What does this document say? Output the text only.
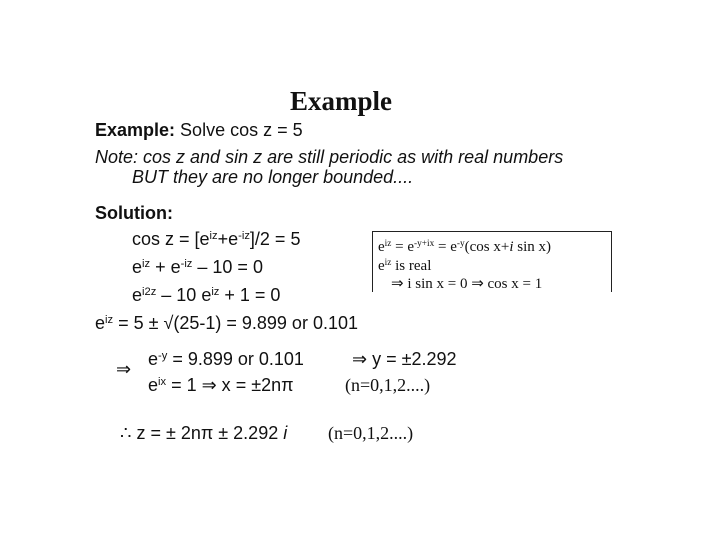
Example
Example: Solve cos z = 5
Note: cos z and sin z are still periodic as with real numbers
BUT they are no longer bounded....
Solution:
$\cos z = [e^{iz}+e^{-iz}]/2 = 5$
$e^{iz} + e^{-iz} - 10 = 0$
$e^{i2z} - 10$ $e^{iz} + 1 = 0$
$e^{iz} = e^{-y+ix} = e^{-y}(\cos$ x+i sin x)
$e^{iz}$ is real
⇒ i sin x = 0 ⇒ cos x = 1
$e^{iz} = 5 \pm √(25-1) = 9.899$ or 0.101
⇒ $e^{-y} = 9.899$ or 0.101	⇒ y = ±2.292
$e^{ix} = 1$ ⇒ x = ±2nπ	(n=0,1,2....)
∴ z = ± 2nπ ± 2.292 i (n=0,1,2....)
